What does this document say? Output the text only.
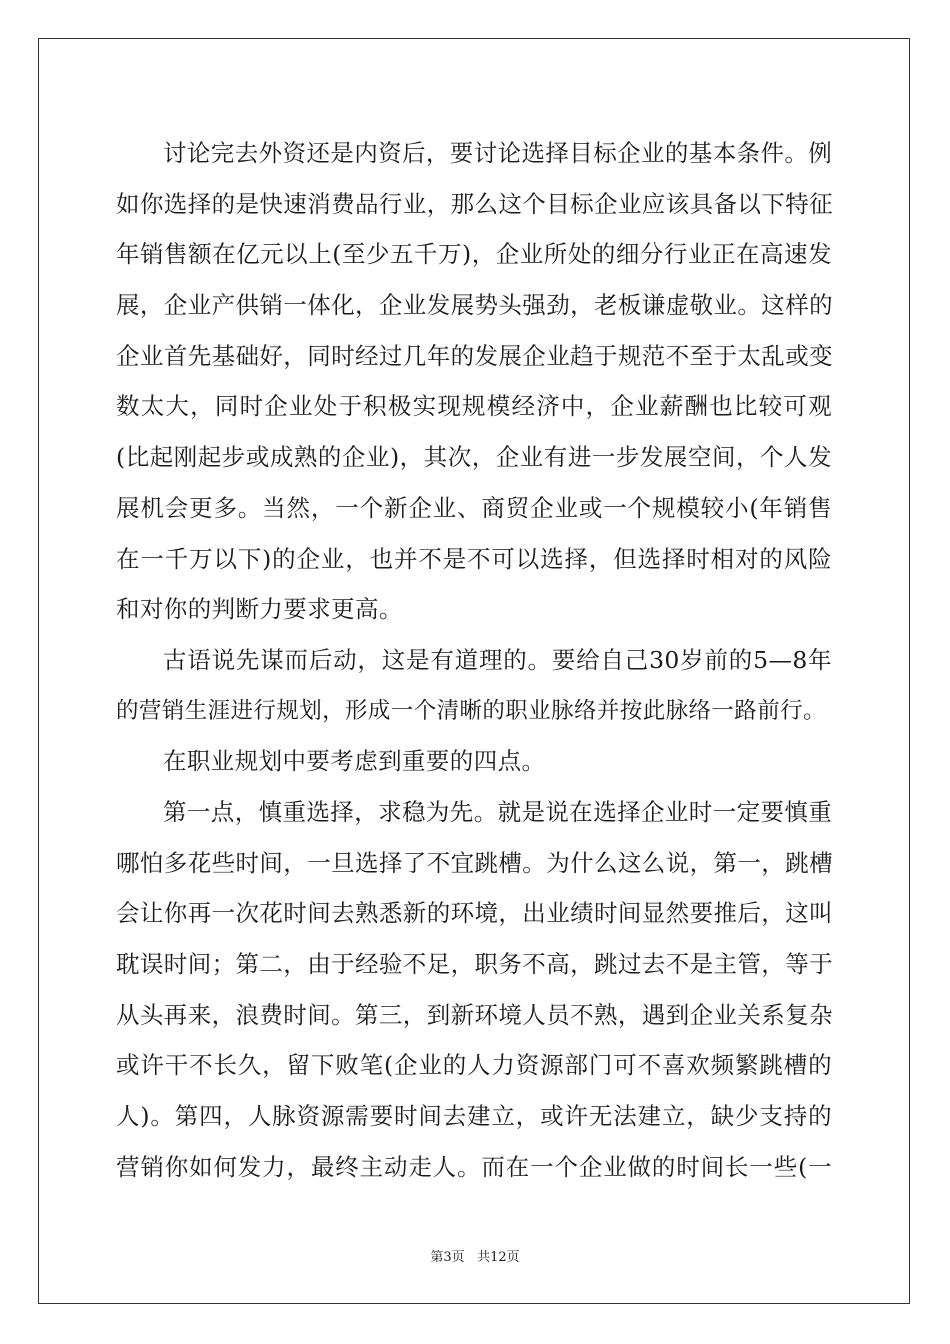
讨论完去外资还是内资后，要讨论选择目标企业的基本条件。例
如你选择的是快速消费品行业，那么这个目标企业应该具备以下特征
年销售额在亿元以上(至少五千万)，企业所处的细分行业正在高速发
展，企业产供销一体化，企业发展势头强劲，老板谦虚敬业。这样的
企业首先基础好，同时经过几年的发展企业趋于规范不至于太乱或变
数太大，同时企业处于积极实现规模经济中，企业薪酬也比较可观
(比起刚起步或成熟的企业)，其次，企业有进一步发展空间，个人发
展机会更多。当然，一个新企业、商贸企业或一个规模较小(年销售
在一千万以下)的企业，也并不是不可以选择，但选择时相对的风险
和对你的判断力要求更高。
古语说先谋而后动，这是有道理的。要给自己30岁前的5—8年
的营销生涯进行规划，形成一个清晰的职业脉络并按此脉络一路前行。
在职业规划中要考虑到重要的四点。
第一点，慎重选择，求稳为先。就是说在选择企业时一定要慎重
哪怕多花些时间，一旦选择了不宜跳槽。为什么这么说，第一，跳槽
会让你再一次花时间去熟悉新的环境，出业绩时间显然要推后，这叫
耽误时间；第二，由于经验不足，职务不高，跳过去不是主管，等于
从头再来，浪费时间。第三，到新环境人员不熟，遇到企业关系复杂
或许干不长久，留下败笔(企业的人力资源部门可不喜欢频繁跳槽的
人)。第四，人脉资源需要时间去建立，或许无法建立，缺少支持的
营销你如何发力，最终主动走人。而在一个企业做的时间长一些(一
第3页 共12页
